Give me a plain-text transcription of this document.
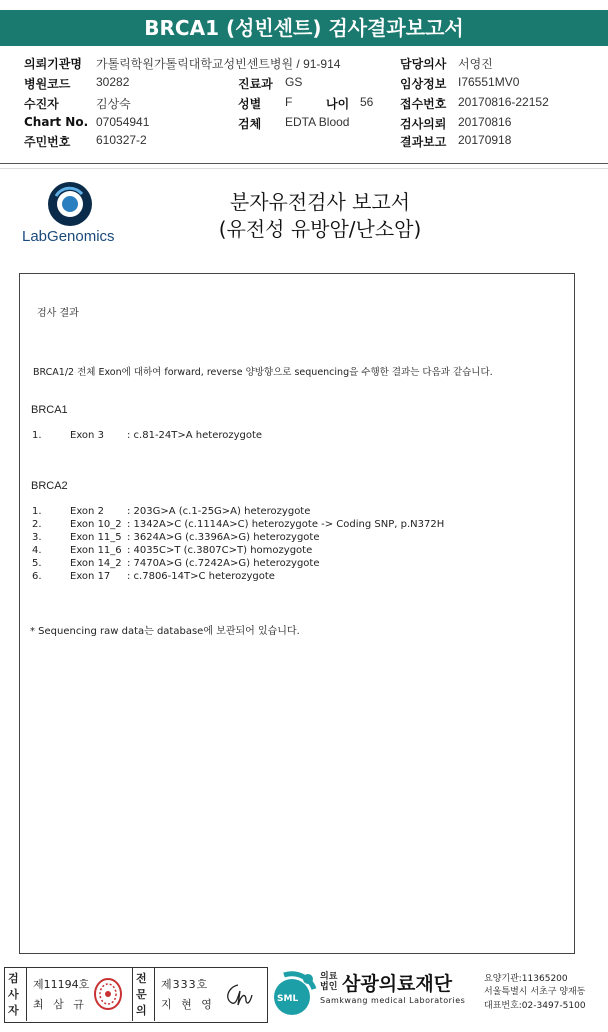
BRCA1 (성빈센트) 검사결과보고서
의뢰기관명 가톨릭학원가톨릭대학교성빈센트병원 / 91-914
병원코드 30282
수진자	김상숙
Chart No. 07054941
주민번호 610327-2
진료과 GS
성별 F	나이 56
검체 EDTA Blood
담당의사 서영진
임상정보 I76551MV0
접수번호 20170816-22152
검사의뢰 20170816
결과보고 20170918
LabGenomics
분자유전검사 보고서
(유전성 유방암/난소암)
검사 결과
BRCA1/2 전체 Exon에 대하여 forward, reverse 양방향으로 sequencing을 수행한 결과는 다음과 같습니다.
BRCA1
1.	Exon 3 : c.81-24T>A heterozygote
BRCA2
1.	Exon 2 : 203G>A (c.1-25G>A) heterozygote
2.	Exon 10_2 : 1342A>C (c.1114A>C) heterozygote -> Coding SNP, p.N372H
3.	Exon 11_5 : 3624A>G (c.3396A>G) heterozygote
4.	Exon 11_6 : 4035C>T (c.3807C>T) homozygote
5.	Exon 14_2 : 7470A>G (c.7242A>G) heterozygote
6.	Exon 17 : c.7806-14T>C heterozygote
* Sequencing raw data는 database에 보관되어 있습니다.
검사자
제11194호
최 삼 규
전문의
제333호
지 현 영	SML
의료법인 삼광의료재단
Samkwang medical Laboratories
요양기관:11365200
서울특별시 서초구 양재동
대표번호:02-3497-5100
